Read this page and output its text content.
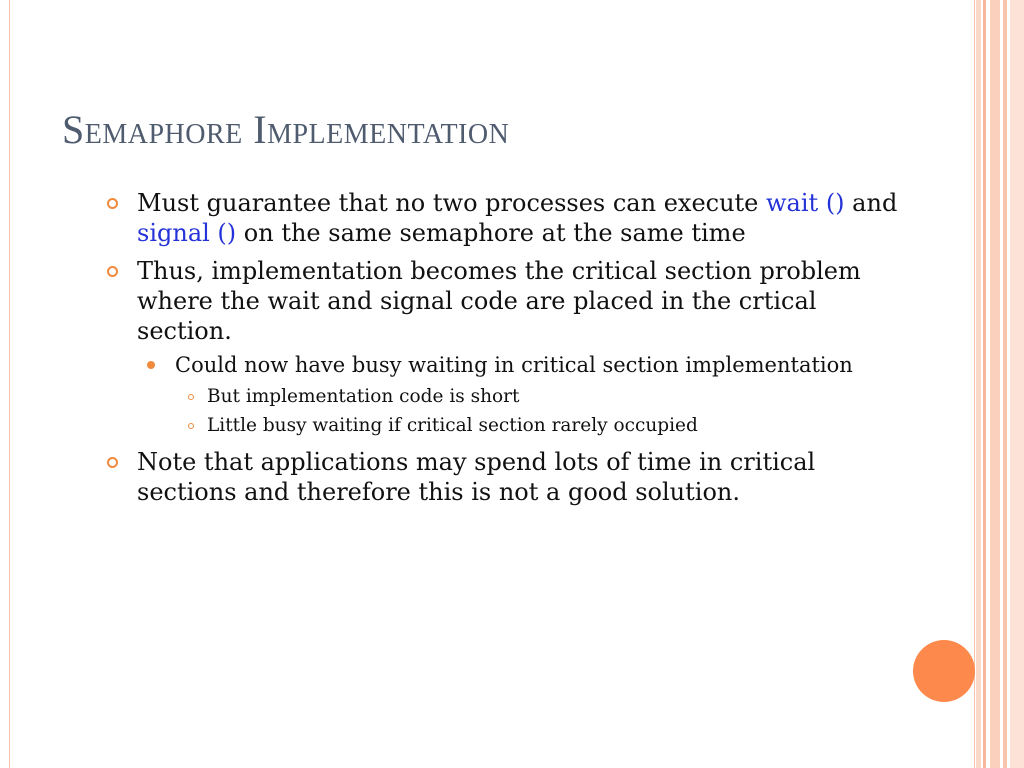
Semaphore Implementation
Must guarantee that no two processes can execute wait () and signal () on the same semaphore at the same time
Thus, implementation becomes the critical section problem where the wait and signal code are placed in the crtical section.
Could now have busy waiting in critical section implementation
But implementation code is short
Little busy waiting if critical section rarely occupied
Note that applications may spend lots of time in critical sections and therefore this is not a good solution.
